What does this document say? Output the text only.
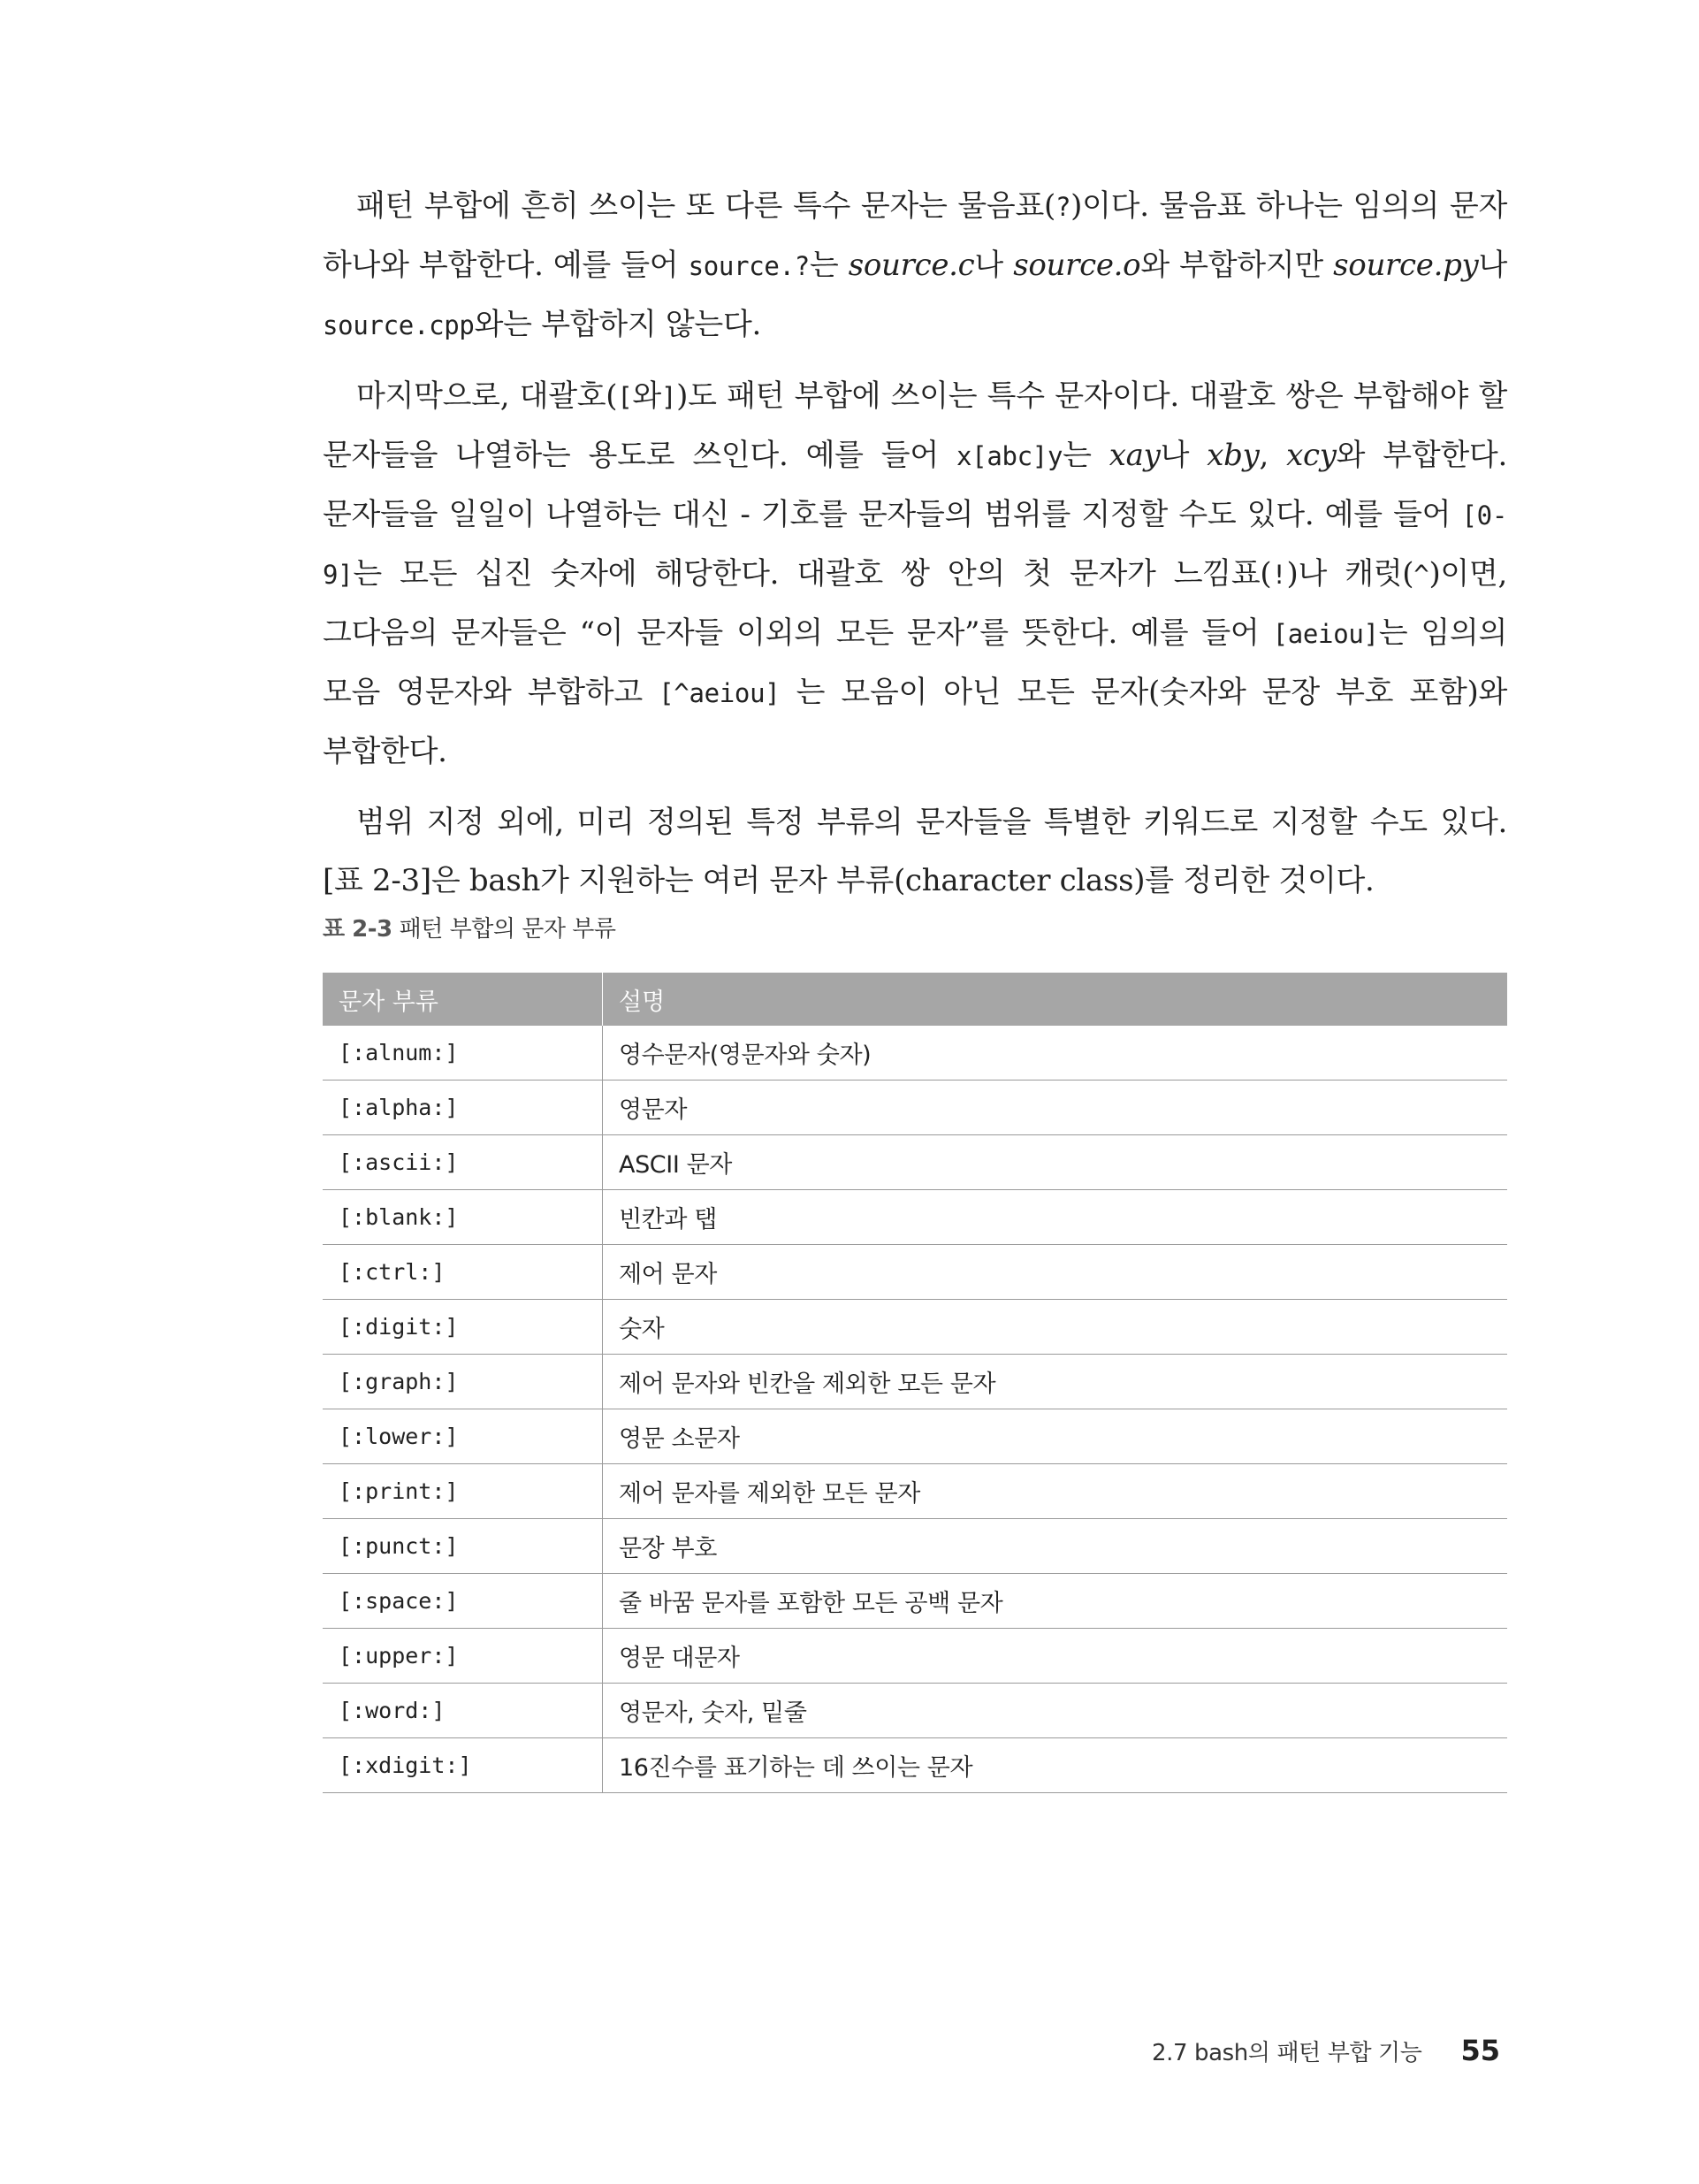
패턴 부합에 흔히 쓰이는 또 다른 특수 문자는 물음표(?)이다. 물음표 하나는 임의의 문자 하나와 부합한다. 예를 들어 source.?는 source.c나 source.o와 부합하지만 source.py나 source.cpp와는 부합하지 않는다.

마지막으로, 대괄호([와])도 패턴 부합에 쓰이는 특수 문자이다. 대괄호 쌍은 부합해야 할 문자들을 나열하는 용도로 쓰인다. 예를 들어 x[abc]y는 xay나 xby, xcy와 부합한다. 문자들을 일일이 나열하는 대신 - 기호를 문자들의 범위를 지정할 수도 있다. 예를 들어 [0-9]는 모든 십진 숫자에 해당한다. 대괄호 쌍 안의 첫 문자가 느낌표(!)나 캐럿(^)이면, 그다음의 문자들은 “이 문자들 이외의 모든 문자”를 뜻한다. 예를 들어 [aeiou]는 임의의 모음 영문자와 부합하고 [^aeiou] 는 모음이 아닌 모든 문자(숫자와 문장 부호 포함)와 부합한다.

범위 지정 외에, 미리 정의된 특정 부류의 문자들을 특별한 키워드로 지정할 수도 있다. [표 2-3]은 bash가 지원하는 여러 문자 부류(character class)를 정리한 것이다.

표 2-3 패턴 부합의 문자 부류
문자 부류	설명
[:alnum:]	영수문자(영문자와 숫자)
[:alpha:]	영문자
[:ascii:]	ASCII 문자
[:blank:]	빈칸과 탭
[:ctrl:]	제어 문자
[:digit:]	숫자
[:graph:]	제어 문자와 빈칸을 제외한 모든 문자
[:lower:]	영문 소문자
[:print:]	제어 문자를 제외한 모든 문자
[:punct:]	문장 부호
[:space:]	줄 바꿈 문자를 포함한 모든 공백 문자
[:upper:]	영문 대문자
[:word:]	영문자, 숫자, 밑줄
[:xdigit:]	16진수를 표기하는 데 쓰이는 문자
2.7 bash의 패턴 부합 기능 55
